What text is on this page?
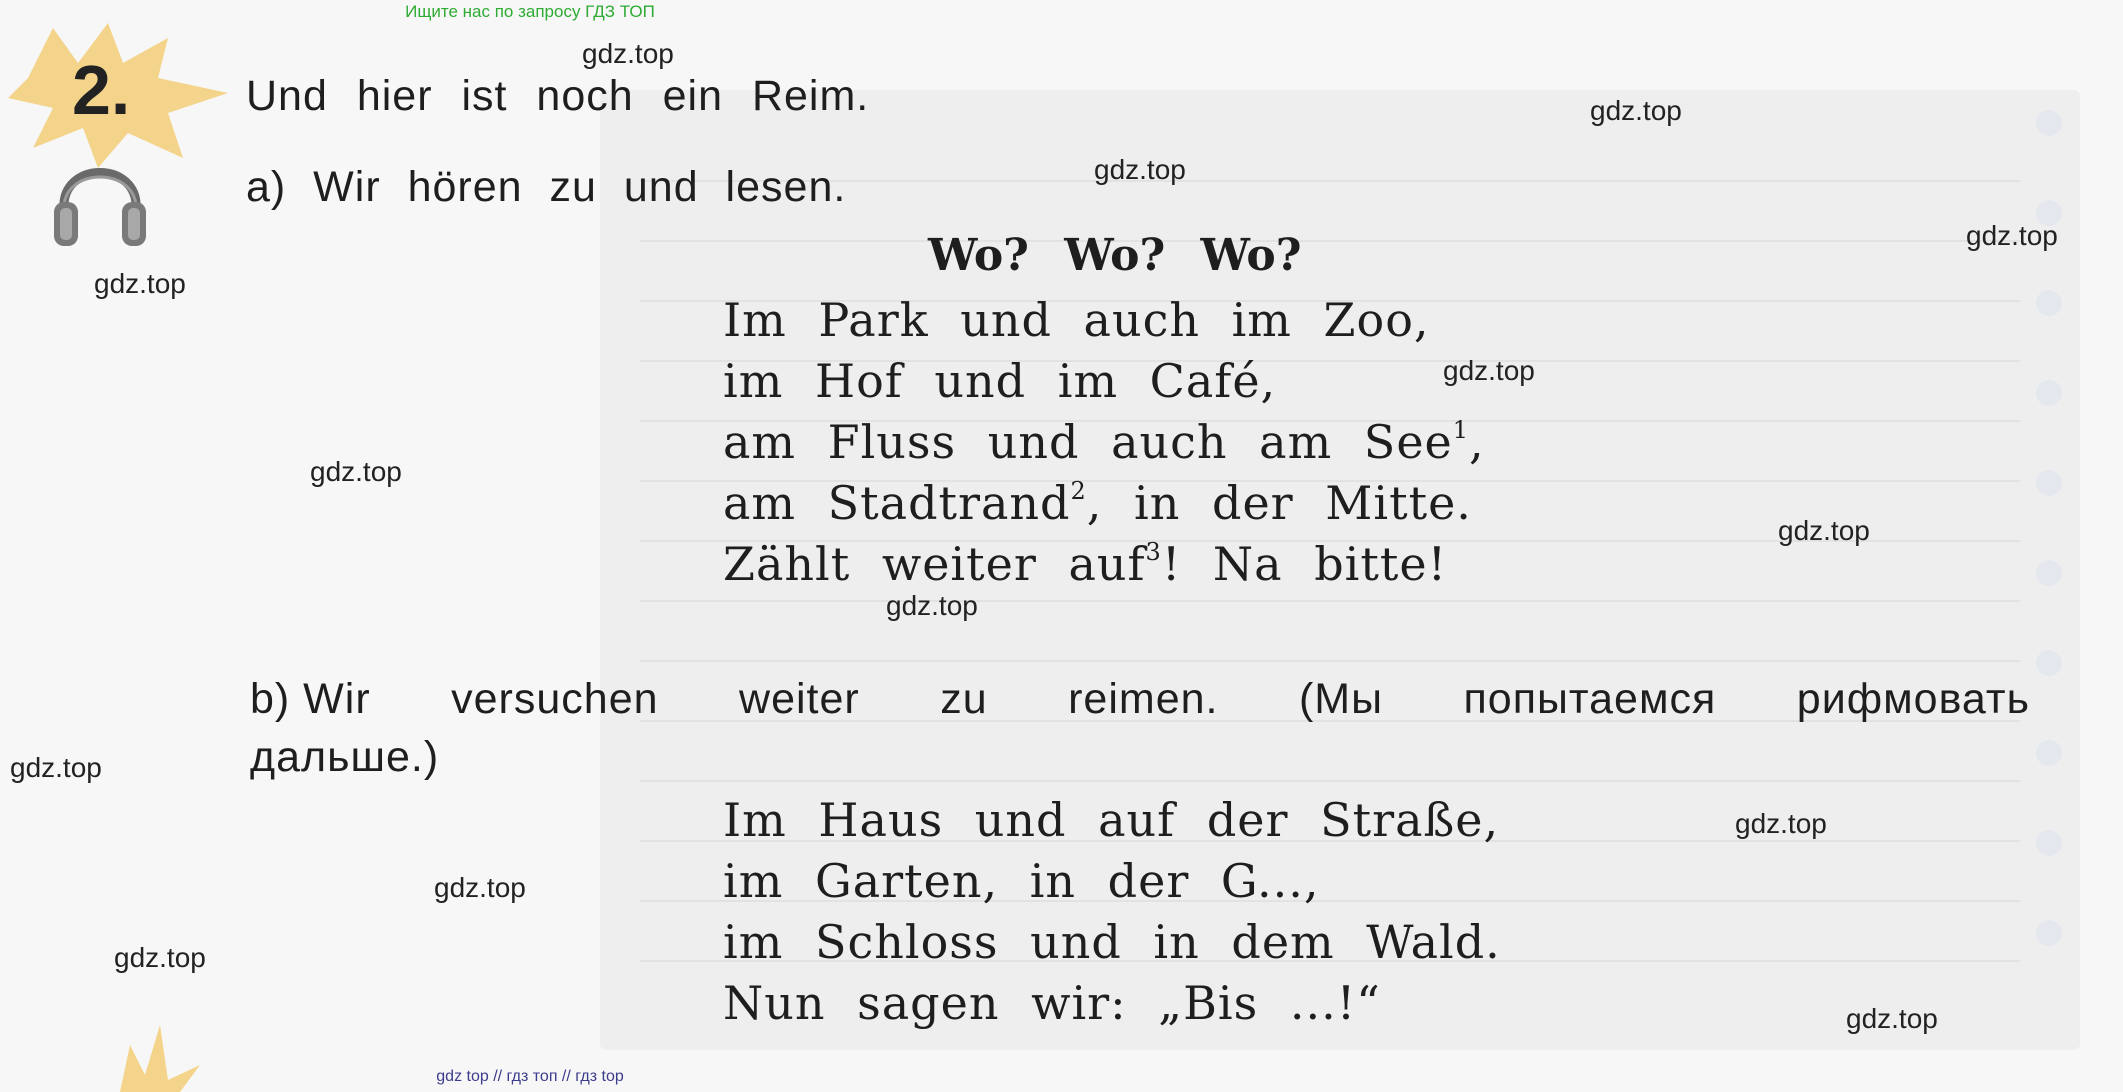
Ищите нас по запросу ГДЗ ТОП
2.	Und hier ist noch ein Reim.
a) Wir hören zu und lesen.
Wo? Wo? Wo?
Im Park und auch im Zoo,
im Hof und im Café,
am Fluss und auch am See$^1$,
am Stadtrand$^2$, in der Mitte.
Zählt weiter auf$^3$! Na bitte!
b) Wir versuchen weiter zu reimen. (Мы попытаемся рифмовать
дальше.)
Im Haus und auf der Straße,
im Garten, in der G...,
im Schloss und in dem Wald.
Nun sagen wir: „Bis ...!“
gdz.top
gdz.top
gdz.top
gdz.top
gdz.top
gdz.top
gdz.top
gdz.top
gdz.top
gdz.top
gdz.top
gdz.top
gdz.top
gdz.top
gdz top // гдз топ // гдз top
